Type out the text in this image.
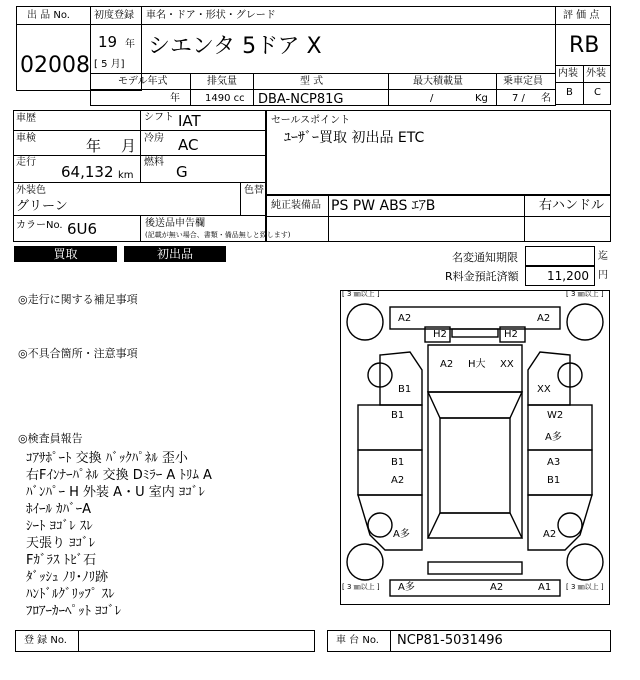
出 品 No.
02008
初度登録
19 年
[ 5 月]
車名・ドア・形状・グレード
シエンタ 5ドア X
評 価 点
RB
内装 外装
B C
モデル年式	排気量	型 式	最大積載量	乗車定員
年	1490 cc DBA-NCP81G	/	Kg 7 / 名
車歴	シフト IAT
車検	年 月 冷房 AC
走行
64,132 km
燃料
G
外装色	色替
グリーン
カラーNo. 6U6	後送品申告欄
(記載が無い場合、書類・備品無しと致します)
セールスポイント
ﾕｰｻﾞｰ買取 初出品 ETC
純正装備品 PS PW ABS ｴｱB	右ハンドル
買取	初出品	名変通知期限	迄
R料金預託済額 11,200 円
◎走行に関する補足事項
◎不具合箇所・注意事項
◎検査員報告
ｺｱｻﾎﾟｰﾄ 交換 ﾊﾞｯｸﾊﾟﾈﾙ 歪小
右Fｲﾝﾅｰﾊﾟﾈﾙ 交換 Dﾐﾗｰ A ﾄﾘﾑ A
ﾊﾞﾝﾊﾟｰ H 外装 A・U 室内 ﾖｺﾞﾚ
ﾎｲｰﾙ ｶﾊﾞｰA
ｼｰﾄ ﾖｺﾞﾚ ｽﾚ
天張り ﾖｺﾞﾚ
Fｶﾞﾗｽ ﾄﾋﾞ石
ﾀﾞｯｼｭ ﾉﾘ･ﾉﾘ跡
ﾊﾝﾄﾞﾙｸﾞﾘｯﾌﾟ ｽﾚ
ﾌﾛｱｰｶｰﾍﾟｯﾄ ﾖｺﾞﾚ
[ 3 ㎜以上 ]	[ 3 ㎜以上 ]
[ 3 ㎜以上 ]	[ 3 ㎜以上 ]
A2	A2
H2	H2
A2 H大 XX
B1	XX
B1	W2
A多
B1
A2
A3
B1
A多	A2
A多	A2	A1
登 録 No.	車 台 No. NCP81-5031496
